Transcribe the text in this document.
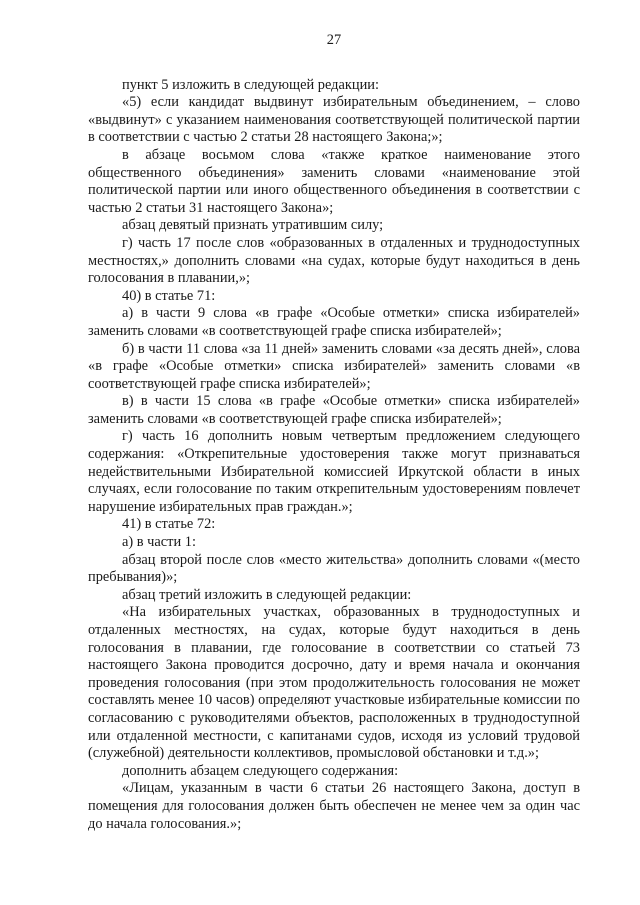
27

пункт 5 изложить в следующей редакции:

«5) если кандидат выдвинут избирательным объединением, – слово «выдвинут» с указанием наименования соответствующей политической партии в соответствии с частью 2 статьи 28 настоящего Закона;»;

в абзаце восьмом слова «также краткое наименование этого общественного объединения» заменить словами «наименование этой политической партии или иного общественного объединения в соответствии с частью 2 статьи 31 настоящего Закона»;

абзац девятый признать утратившим силу;

г) часть 17 после слов «образованных в отдаленных и труднодоступных местностях,» дополнить словами «на судах, которые будут находиться в день голосования в плавании,»;

40) в статье 71:

а) в части 9 слова «в графе «Особые отметки» списка избирателей» заменить словами «в соответствующей графе списка избирателей»;

б) в части 11 слова «за 11 дней» заменить словами «за десять дней», слова «в графе «Особые отметки» списка избирателей» заменить словами «в соответствующей графе списка избирателей»;

в) в части 15 слова «в графе «Особые отметки» списка избирателей» заменить словами «в соответствующей графе списка избирателей»;

г) часть 16 дополнить новым четвертым предложением следующего содержания: «Открепительные удостоверения также могут признаваться недействительными Избирательной комиссией Иркутской области в иных случаях, если голосование по таким открепительным удостоверениям повлечет нарушение избирательных прав граждан.»;

41) в статье 72:

а) в части 1:

абзац второй после слов «место жительства» дополнить словами «(место пребывания)»;

абзац третий изложить в следующей редакции:

«На избирательных участках, образованных в труднодоступных и отдаленных местностях, на судах, которые будут находиться в день голосования в плавании, где голосование в соответствии со статьей 73 настоящего Закона проводится досрочно, дату и время начала и окончания проведения голосования (при этом продолжительность голосования не может составлять менее 10 часов) определяют участковые избирательные комиссии по согласованию с руководителями объектов, расположенных в труднодоступной или отдаленной местности, с капитанами судов, исходя из условий трудовой (служебной) деятельности коллективов, промысловой обстановки и т.д.»;

дополнить абзацем следующего содержания:

«Лицам, указанным в части 6 статьи 26 настоящего Закона, доступ в помещения для голосования должен быть обеспечен не менее чем за один час до начала голосования.»;
